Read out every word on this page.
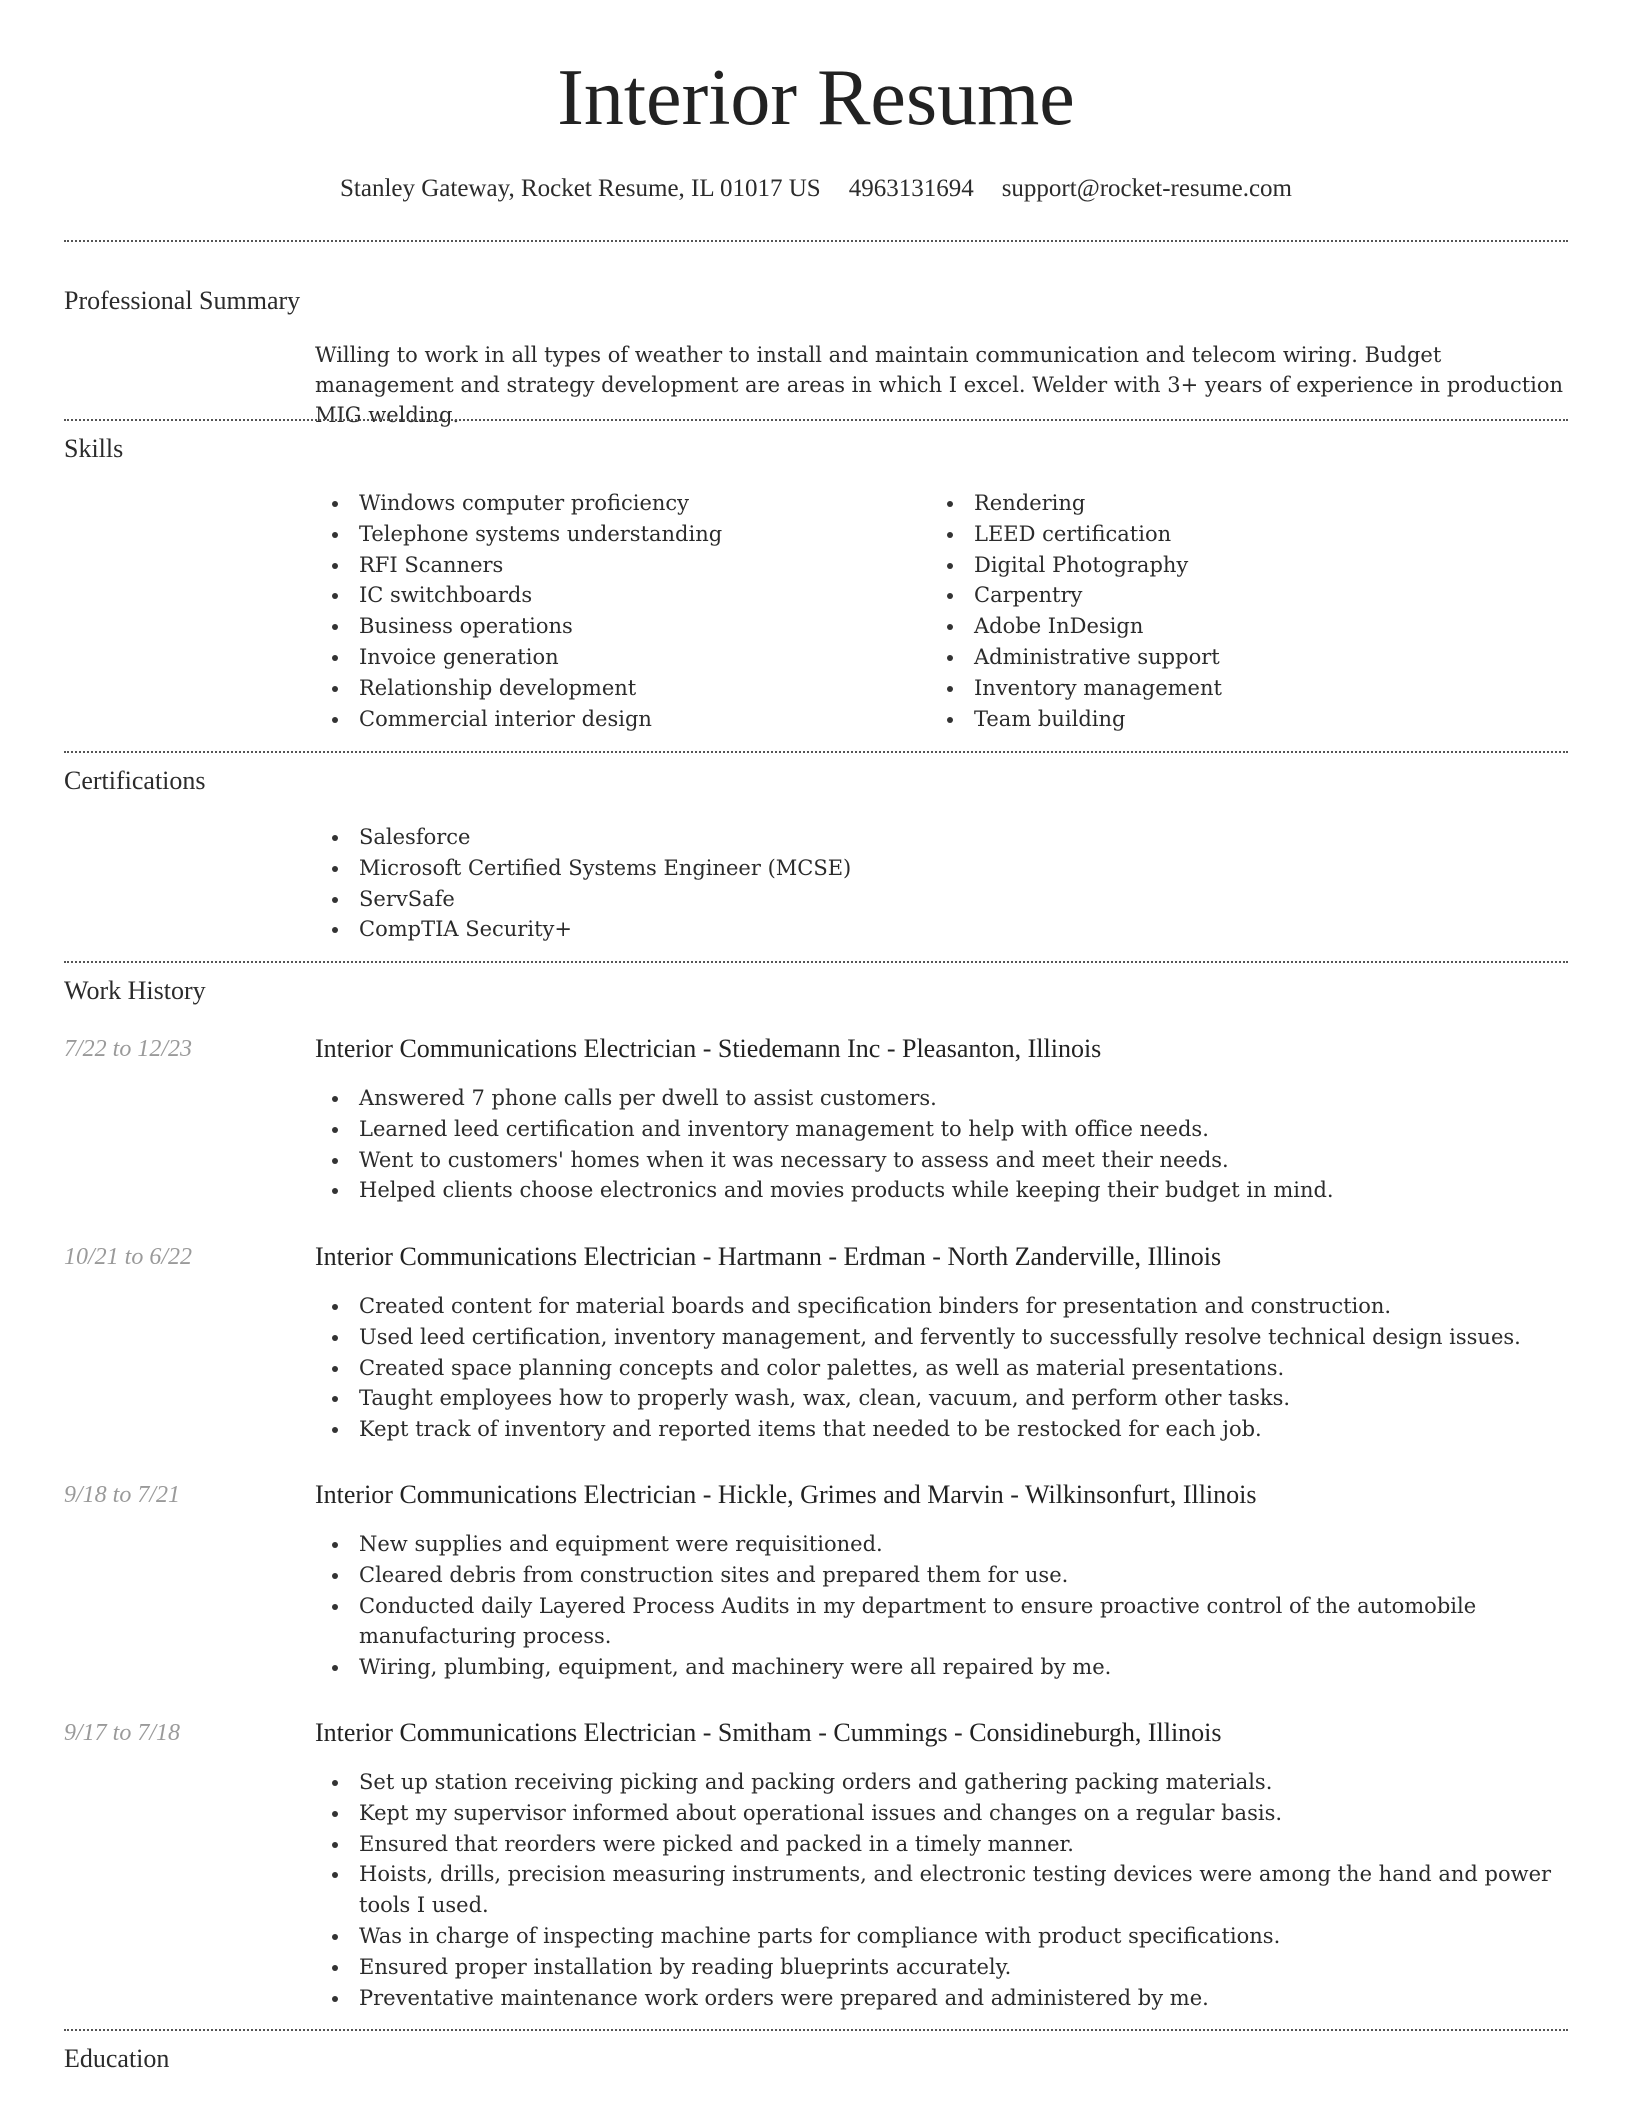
Interior Resume
Stanley Gateway, Rocket Resume, IL 01017 US 4963131694 support@rocket-resume.com
Professional Summary
Willing to work in all types of weather to install and maintain communication and telecom wiring. Budget management and strategy development are areas in which I excel. Welder with 3+ years of experience in production MIG welding.
Skills
Windows computer proficiency
Telephone systems understanding
RFI Scanners
IC switchboards
Business operations
Invoice generation
Relationship development
Commercial interior design
Rendering
LEED certification
Digital Photography
Carpentry
Adobe InDesign
Administrative support
Inventory management
Team building
Certifications
Salesforce
Microsoft Certified Systems Engineer (MCSE)
ServSafe
CompTIA Security+
Work History
7/22 to 12/23	Interior Communications Electrician - Stiedemann Inc - Pleasanton, Illinois
Answered 7 phone calls per dwell to assist customers.
Learned leed certification and inventory management to help with office needs.
Went to customers' homes when it was necessary to assess and meet their needs.
Helped clients choose electronics and movies products while keeping their budget in mind.
10/21 to 6/22	Interior Communications Electrician - Hartmann - Erdman - North Zanderville, Illinois
Created content for material boards and specification binders for presentation and construction.
Used leed certification, inventory management, and fervently to successfully resolve technical design issues.
Created space planning concepts and color palettes, as well as material presentations.
Taught employees how to properly wash, wax, clean, vacuum, and perform other tasks.
Kept track of inventory and reported items that needed to be restocked for each job.
9/18 to 7/21	Interior Communications Electrician - Hickle, Grimes and Marvin - Wilkinsonfurt, Illinois
New supplies and equipment were requisitioned.
Cleared debris from construction sites and prepared them for use.
Conducted daily Layered Process Audits in my department to ensure proactive control of the automobile manufacturing process.
Wiring, plumbing, equipment, and machinery were all repaired by me.
9/17 to 7/18	Interior Communications Electrician - Smitham - Cummings - Considineburgh, Illinois
Set up station receiving picking and packing orders and gathering packing materials.
Kept my supervisor informed about operational issues and changes on a regular basis.
Ensured that reorders were picked and packed in a timely manner.
Hoists, drills, precision measuring instruments, and electronic testing devices were among the hand and power tools I used.
Was in charge of inspecting machine parts for compliance with product specifications.
Ensured proper installation by reading blueprints accurately.
Preventative maintenance work orders were prepared and administered by me.
Education
